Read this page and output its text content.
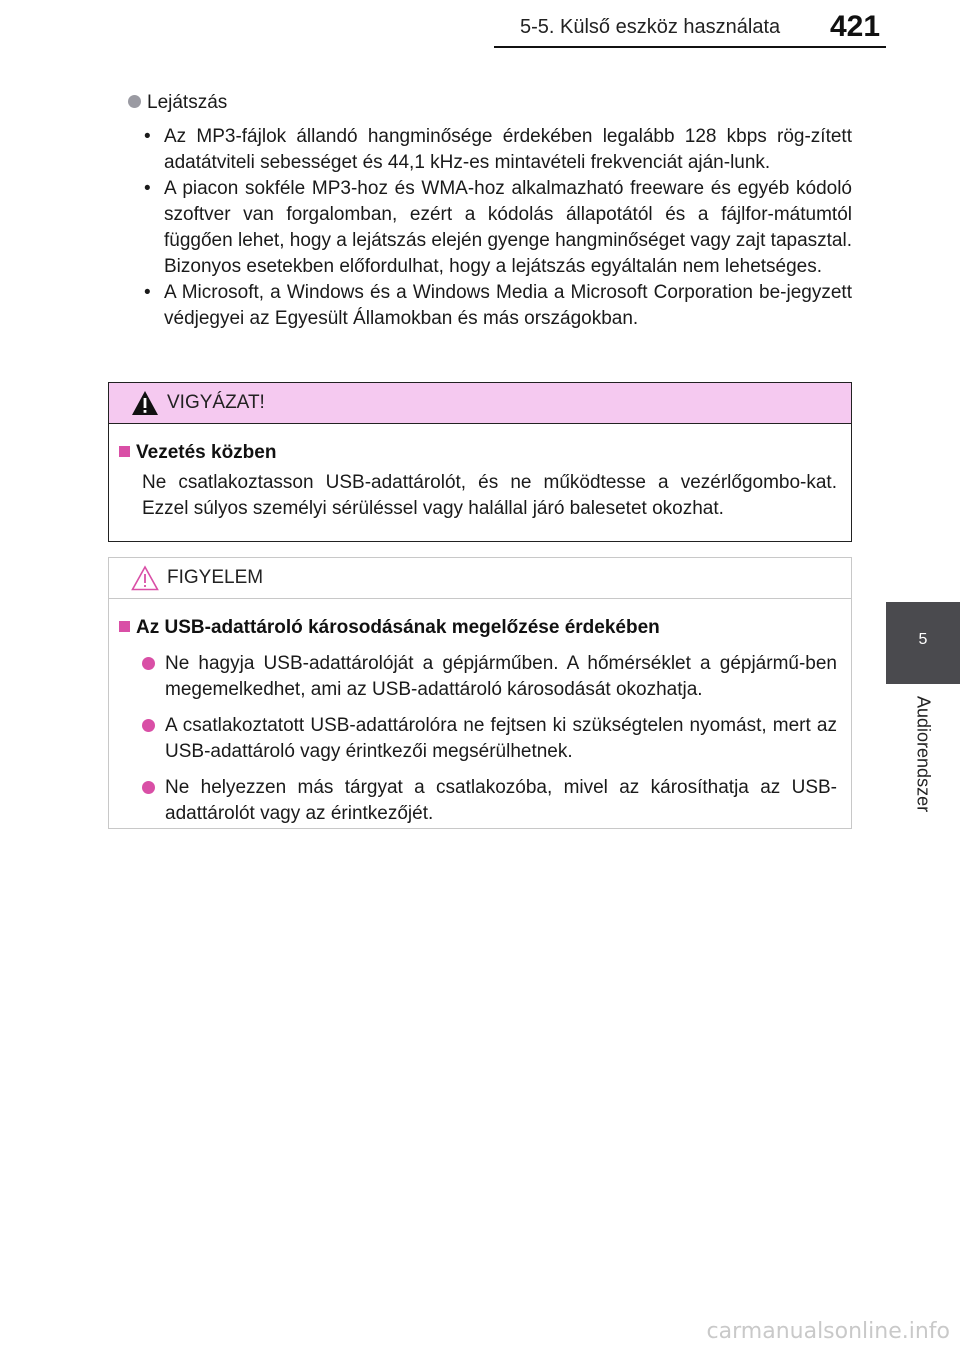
5-5. Külső eszköz használata 421
5
Audiorendszer
Lejátszás
• Az MP3-fájlok állandó hangminősége érdekében legalább 128 kbps rög-zített adatátviteli sebességet és 44,1 kHz-es mintavételi frekvenciát aján-lunk.
• A piacon sokféle MP3-hoz és WMA-hoz alkalmazható freeware és egyéb kódoló szoftver van forgalomban, ezért a kódolás állapotától és a fájlfor-mátumtól függően lehet, hogy a lejátszás elején gyenge hangminőséget vagy zajt tapasztal. Bizonyos esetekben előfordulhat, hogy a lejátszás egyáltalán nem lehetséges.
• A Microsoft, a Windows és a Windows Media a Microsoft Corporation be-jegyzett védjegyei az Egyesült Államokban és más országokban.
VIGYÁZAT!
Vezetés közben
Ne csatlakoztasson USB-adattárolót, és ne működtesse a vezérlőgombo-kat. Ezzel súlyos személyi sérüléssel vagy halállal járó balesetet okozhat.
FIGYELEM
Az USB-adattároló károsodásának megelőzése érdekében
Ne hagyja USB-adattárolóját a gépjárműben. A hőmérséklet a gépjármű-ben megemelkedhet, ami az USB-adattároló károsodását okozhatja.
A csatlakoztatott USB-adattárolóra ne fejtsen ki szükségtelen nyomást, mert az USB-adattároló vagy érintkezői megsérülhetnek.
Ne helyezzen más tárgyat a csatlakozóba, mivel az károsíthatja az USB-adattárolót vagy az érintkezőjét.
carmanualsonline.info
